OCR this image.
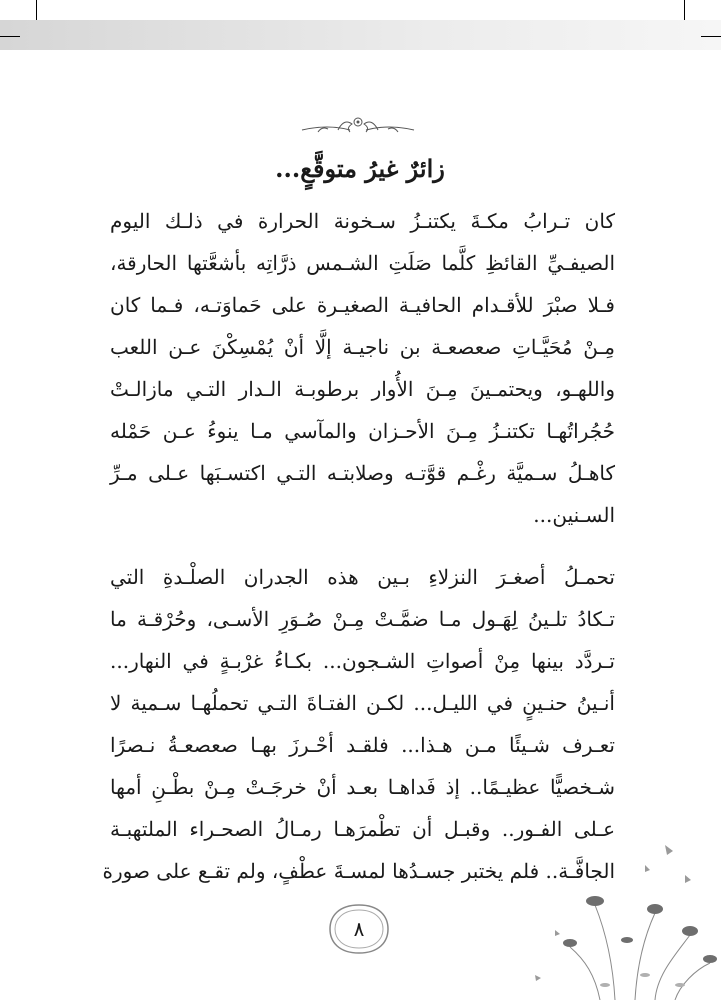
زائرٌ غيرُ متوقَّعٍ...

كان تـرابُ مكـةَ يكتنـزُ سـخونة الحرارة في ذلـك اليوم
الصيفـيِّ القائظِ كلَّما صَلَتِ الشـمس ذرَّاتِه بأشعَّتها الحارقة،
فـلا صبْرَ للأقـدام الحافيـة الصغيـرة على حَماوَتـه، فـما كان
مِـنْ مُحَيَّـاتِ صعصعـة بن ناجيـة إلَّا أنْ يُمْسِكْنَ عـن اللعب
واللهـو، ويحتمـينَ مِـنَ الأُوار برطوبـة الـدار التـي مازالـتْ
حُجُراتُهـا تكتنـزُ مِـنَ الأحـزان والمآسي مـا ينوءُ عـن حَمْله
كاهـلُ سـميَّة رغْـم قوَّتـه وصلابتـه التـي اكتسـبَها عـلى مـرِّ
السـنين...

تحمـلُ أصغـرَ النزلاءِ بـين هذه الجدران الصلْـدةِ التي
تـكادُ تلـينُ لِهَـول مـا ضمَّـتْ مِـنْ صُـوَرِ الأسـى، وحُرْقـة ما
تـردَّد بينها مِنْ أصواتِ الشـجون... بكـاءُ غرْبـةٍ في النهار...
أنـينُ حنـينٍ في الليـل... لكـن الفتـاةَ التـي تحملُهـا سـمية لا
تعـرف شـيئًا مـن هـذا... فلقـد أحْـرزَ بهـا صعصعـةُ نـصرًا
شـخصيًّا عظيـمًا.. إذ فَداهـا بعـد أنْ خرجَـتْ مِـنْ بطْـنِ أمها
عـلى الفـور.. وقبـل أن تطْمرَهـا رمـالُ الصحـراء الملتهبـة
الجافَّـة.. فلم يختبر جسـدُها لمسـةَ عطْفٍ، ولم تقـع على صورة

٨
